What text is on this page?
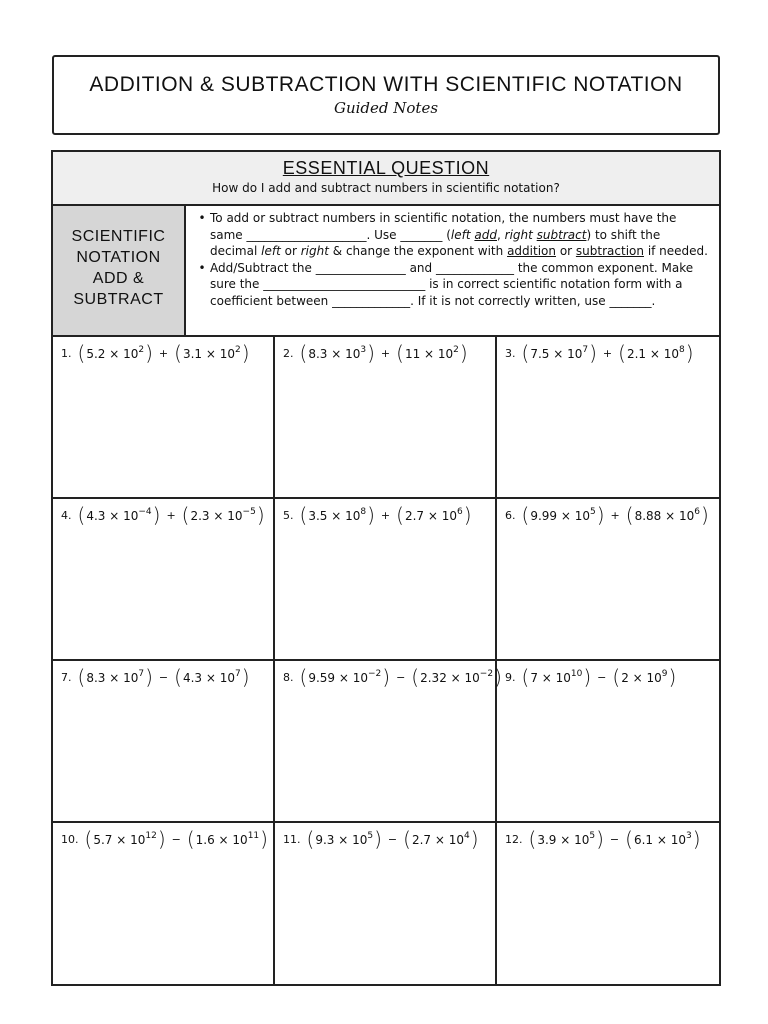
ADDITION & SUBTRACTION WITH SCIENTIFIC NOTATION
Guided Notes
ESSENTIAL QUESTION
How do I add and subtract numbers in scientific notation?
SCIENTIFIC
NOTATION
ADD &
SUBTRACT
• To add or subtract numbers in scientific notation, the numbers must have the same ____________________. Use _______ (left add, right subtract) to shift the decimal left or right & change the exponent with addition or subtraction if needed.
• Add/Subtract the _______________ and _____________ the common exponent. Make sure the ___________________________ is in correct scientific notation form with a coefficient between _____________. If it is not correctly written, use _______.
1. ( $5.2 \times 10^2$ ) + ( $3.1 \times 10^2$ )	2. ( $8.3 \times 10^3$ ) + ( $11 \times 10^2$ )	3. ( $7.5 \times 10^7$ ) + ( $2.1 \times 10^8$ )
4. ( $4.3 \times 10^{-4}$ ) + ( $2.3 \times 10^{-5}$ ) 5. ( $3.5 \times 10^8$ ) + ( $2.7 \times 10^6$ )	6. ( $9.99 \times 10^5$ ) + ( $8.88 \times 10^6$ )
7. ( $8.3 \times 10^7$ ) − ( $4.3 \times 10^7$ )	8. ( $9.59 \times 10^{-2}$ ) − ( $2.32 \times 10^{-2}$ ) 9. ( $7 \times 10^{10}$ ) − ( $2 \times 10^9$ )
10. ( $5.7 \times 10^{12}$ ) − ( $1.6 \times 10^{11}$ ) 11. ( $9.3 \times 10^5$ ) − ( $2.7 \times 10^4$ ) 12. ( $3.9 \times 10^5$ ) − ( $6.1 \times 10^3$ )
